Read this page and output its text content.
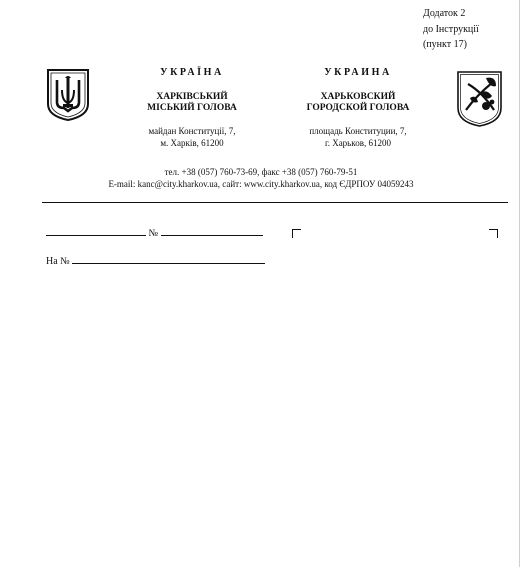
Додаток 2
до Інструкції
(пункт 17)
УКРАЇНА
ХАРКІВСЬКИЙ
МІСЬКИЙ ГОЛОВА
майдан Конституції, 7,
м. Харків, 61200
УКРАИНА
ХАРЬКОВСКИЙ
ГОРОДСКОЙ ГОЛОВА
площадь Конституции, 7,
г. Харьков, 61200
тел. +38 (057) 760-73-69, факс +38 (057) 760-79-51
E-mail: kanc@city.kharkov.ua, сайт: www.city.kharkov.ua, код ЄДРПОУ 04059243
№
На №
